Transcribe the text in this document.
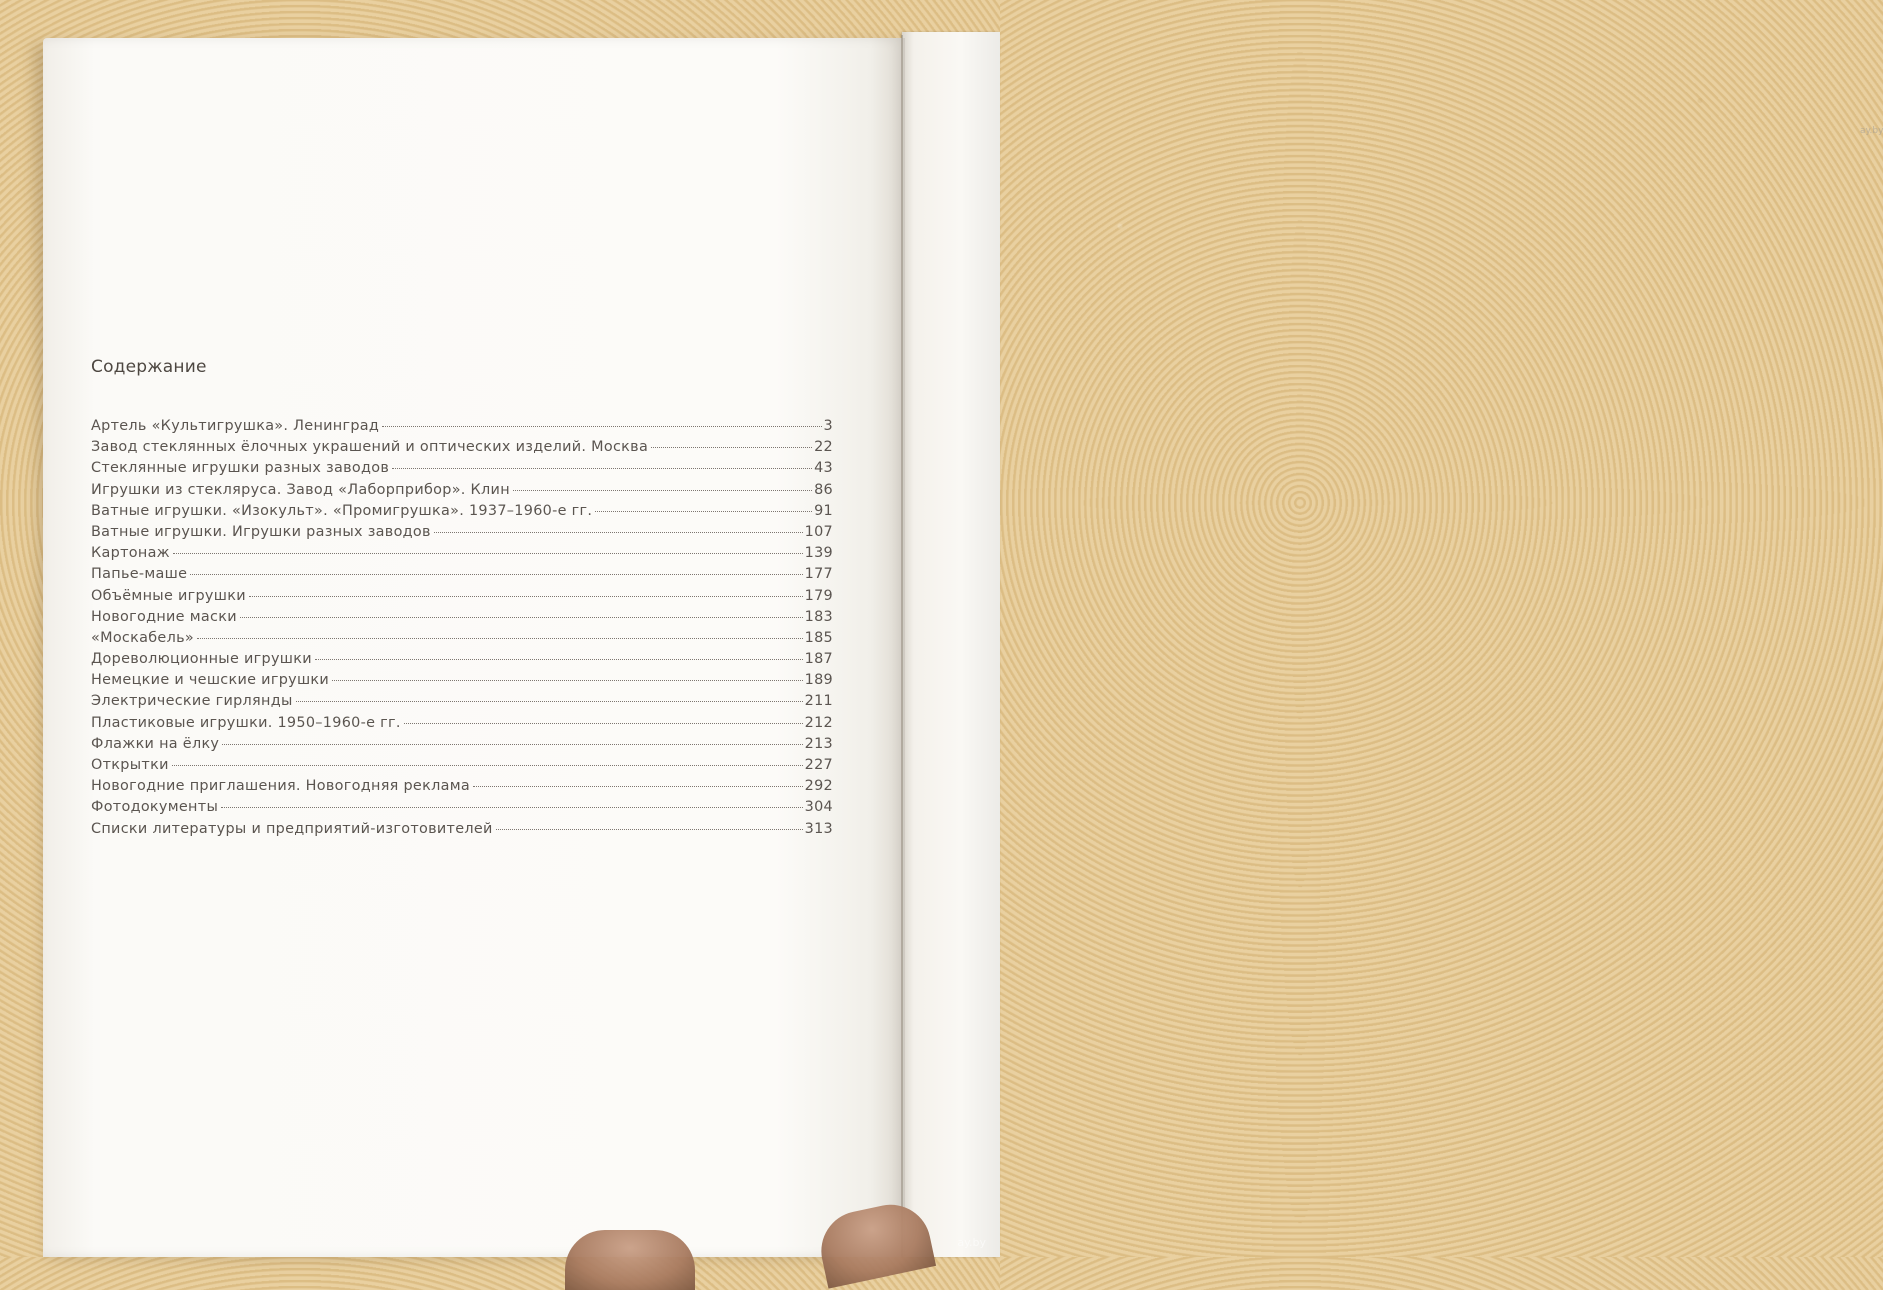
ay.by
Содержание
Артель «Культигрушка». Ленинград	3
Завод стеклянных ёлочных украшений и оптических изделий. Москва	22
Стеклянные игрушки разных заводов	43
Игрушки из стекляруса. Завод «Лаборприбор». Клин	86
Ватные игрушки. «Изокульт». «Промигрушка». 1937–1960-е гг.	91
Ватные игрушки. Игрушки разных заводов	107
Картонаж	139
Папье-маше	177
Объёмные игрушки	179
Новогодние маски	183
«Москабель»	185
Дореволюционные игрушки	187
Немецкие и чешские игрушки	189
Электрические гирлянды	211
Пластиковые игрушки. 1950–1960-е гг.	212
Флажки на ёлку	213
Открытки	227
Новогодние приглашения. Новогодняя реклама	292
Фотодокументы	304
Списки литературы и предприятий-изготовителей	313
ay.by
